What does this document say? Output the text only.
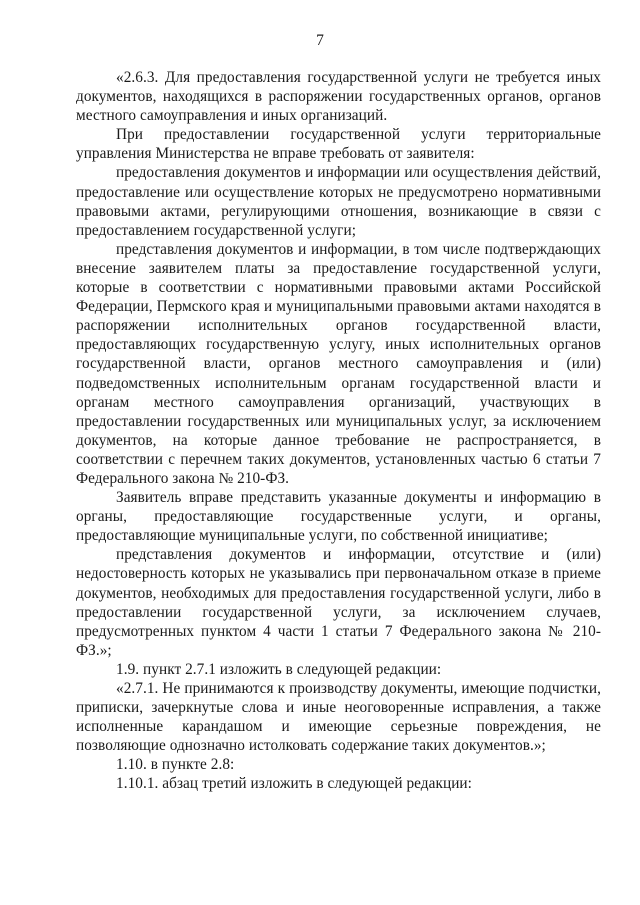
7

«2.6.3. Для предоставления государственной услуги не требуется иных документов, находящихся в распоряжении государственных органов, органов местного самоуправления и иных организаций.

При предоставлении государственной услуги территориальные управления Министерства не вправе требовать от заявителя:

предоставления документов и информации или осуществления действий, предоставление или осуществление которых не предусмотрено нормативными правовыми актами, регулирующими отношения, возникающие в связи с предоставлением государственной услуги;

представления документов и информации, в том числе подтверждающих внесение заявителем платы за предоставление государственной услуги, которые в соответствии с нормативными правовыми актами Российской Федерации, Пермского края и муниципальными правовыми актами находятся в распоряжении исполнительных органов государственной власти, предоставляющих государственную услугу, иных исполнительных органов государственной власти, органов местного самоуправления и (или) подведомственных исполнительным органам государственной власти и органам местного самоуправления организаций, участвующих в предоставлении государственных или муниципальных услуг, за исключением документов, на которые данное требование не распространяется, в соответствии с перечнем таких документов, установленных частью 6 статьи 7 Федерального закона № 210-ФЗ.

Заявитель вправе представить указанные документы и информацию в органы, предоставляющие государственные услуги, и органы, предоставляющие муниципальные услуги, по собственной инициативе;

представления документов и информации, отсутствие и (или) недостоверность которых не указывались при первоначальном отказе в приеме документов, необходимых для предоставления государственной услуги, либо в предоставлении государственной услуги, за исключением случаев, предусмотренных пунктом 4 части 1 статьи 7 Федерального закона № 210-ФЗ.»;

1.9. пункт 2.7.1 изложить в следующей редакции:

«2.7.1. Не принимаются к производству документы, имеющие подчистки, приписки, зачеркнутые слова и иные неоговоренные исправления, а также исполненные карандашом и имеющие серьезные повреждения, не позволяющие однозначно истолковать содержание таких документов.»;

1.10. в пункте 2.8:

1.10.1. абзац третий изложить в следующей редакции:
